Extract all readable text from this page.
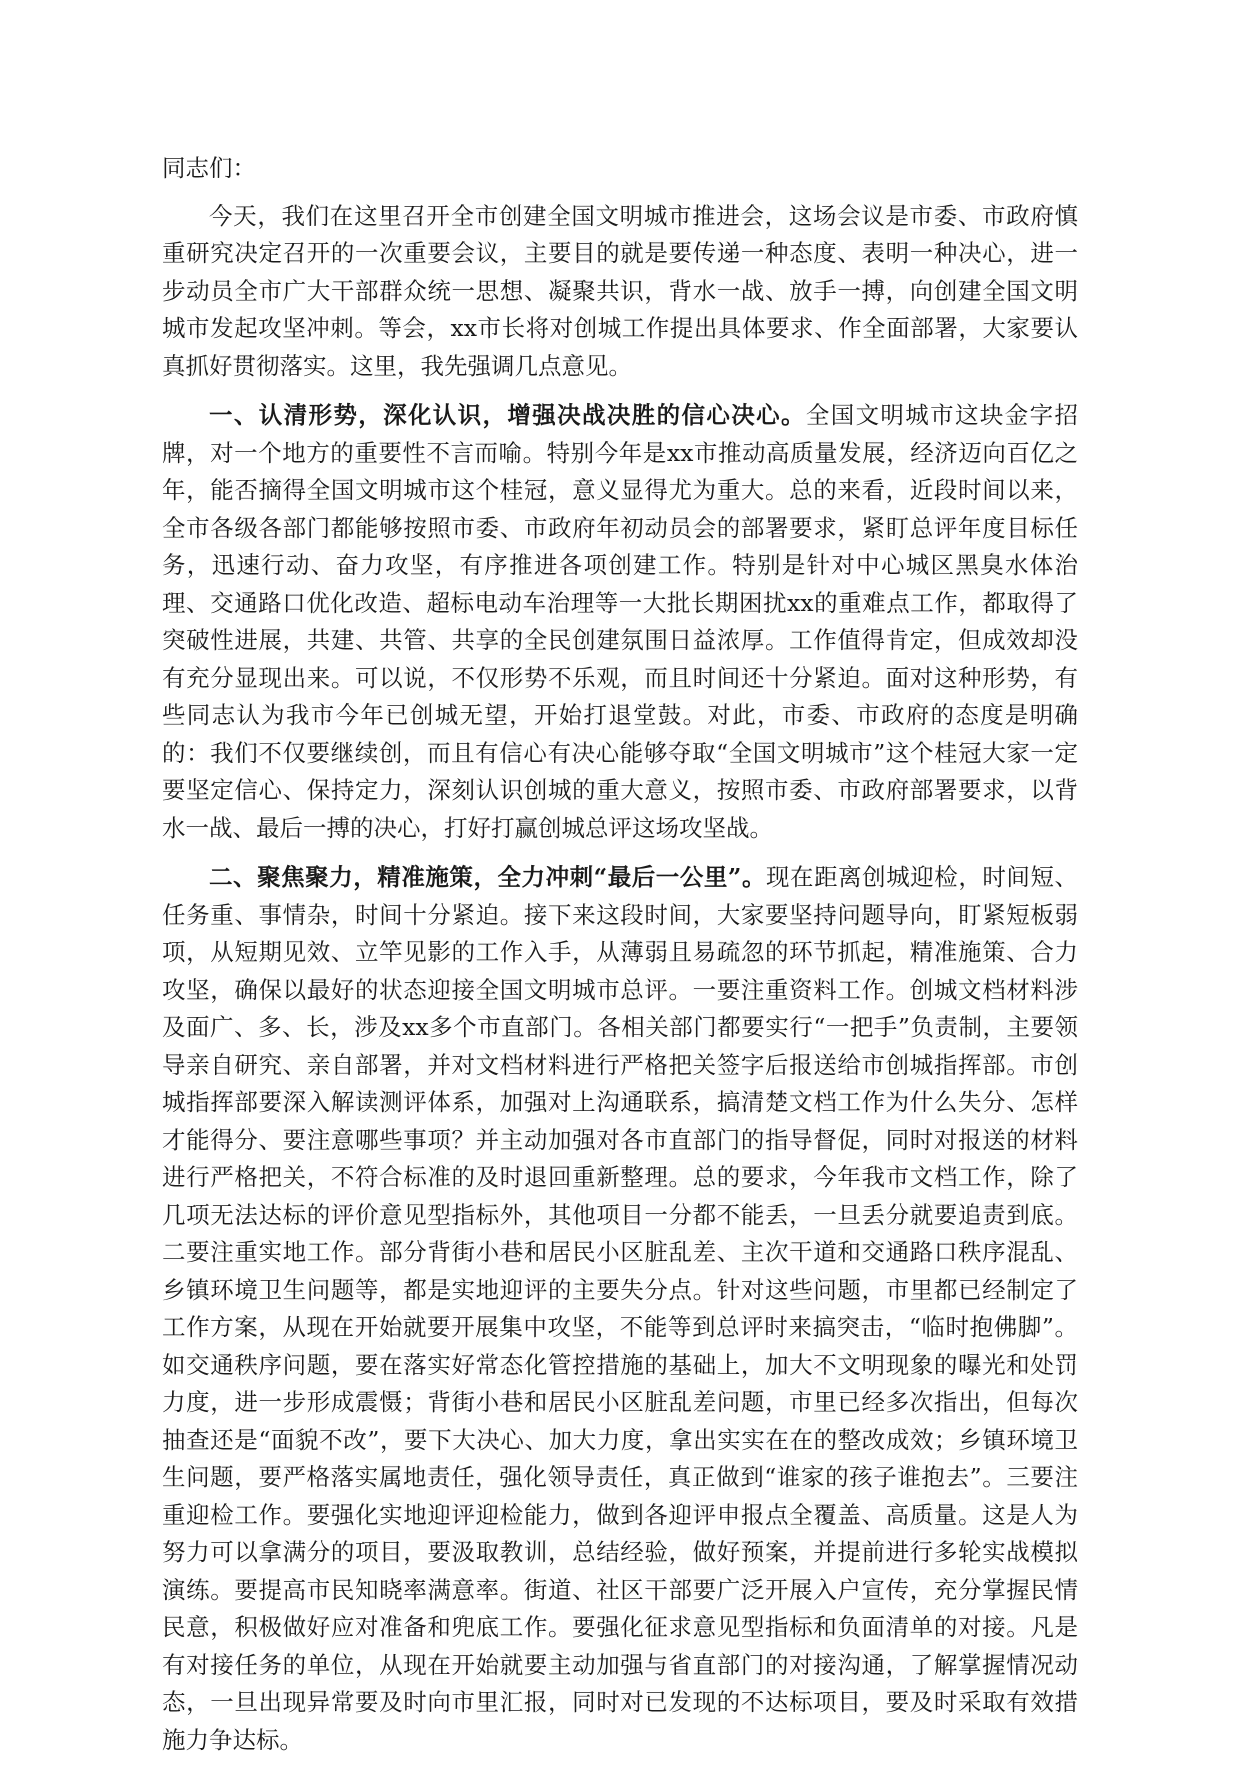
同志们：

今天，我们在这里召开全市创建全国文明城市推进会，这场会议是市委、市政府慎重研究决定召开的一次重要会议，主要目的就是要传递一种态度、表明一种决心，进一步动员全市广大干部群众统一思想、凝聚共识，背水一战、放手一搏，向创建全国文明城市发起攻坚冲刺。等会，xx市长将对创城工作提出具体要求、作全面部署，大家要认真抓好贯彻落实。这里，我先强调几点意见。

一、认清形势，深化认识，增强决战决胜的信心决心。全国文明城市这块金字招牌，对一个地方的重要性不言而喻。特别今年是xx市推动高质量发展，经济迈向百亿之年，能否摘得全国文明城市这个桂冠，意义显得尤为重大。总的来看，近段时间以来，全市各级各部门都能够按照市委、市政府年初动员会的部署要求，紧盯总评年度目标任务，迅速行动、奋力攻坚，有序推进各项创建工作。特别是针对中心城区黑臭水体治理、交通路口优化改造、超标电动车治理等一大批长期困扰xx的重难点工作，都取得了突破性进展，共建、共管、共享的全民创建氛围日益浓厚。工作值得肯定，但成效却没有充分显现出来。可以说，不仅形势不乐观，而且时间还十分紧迫。面对这种形势，有些同志认为我市今年已创城无望，开始打退堂鼓。对此，市委、市政府的态度是明确的：我们不仅要继续创，而且有信心有决心能够夺取“全国文明城市”这个桂冠大家一定要坚定信心、保持定力，深刻认识创城的重大意义，按照市委、市政府部署要求，以背水一战、最后一搏的决心，打好打赢创城总评这场攻坚战。

二、聚焦聚力，精准施策，全力冲刺“最后一公里”。现在距离创城迎检，时间短、任务重、事情杂，时间十分紧迫。接下来这段时间，大家要坚持问题导向，盯紧短板弱项，从短期见效、立竿见影的工作入手，从薄弱且易疏忽的环节抓起，精准施策、合力攻坚，确保以最好的状态迎接全国文明城市总评。一要注重资料工作。创城文档材料涉及面广、多、长，涉及xx多个市直部门。各相关部门都要实行“一把手”负责制，主要领导亲自研究、亲自部署，并对文档材料进行严格把关签字后报送给市创城指挥部。市创城指挥部要深入解读测评体系，加强对上沟通联系，搞清楚文档工作为什么失分、怎样才能得分、要注意哪些事项？并主动加强对各市直部门的指导督促，同时对报送的材料进行严格把关，不符合标准的及时退回重新整理。总的要求，今年我市文档工作，除了几项无法达标的评价意见型指标外，其他项目一分都不能丢，一旦丢分就要追责到底。二要注重实地工作。部分背街小巷和居民小区脏乱差、主次干道和交通路口秩序混乱、乡镇环境卫生问题等，都是实地迎评的主要失分点。针对这些问题，市里都已经制定了工作方案，从现在开始就要开展集中攻坚，不能等到总评时来搞突击，“临时抱佛脚”。如交通秩序问题，要在落实好常态化管控措施的基础上，加大不文明现象的曝光和处罚力度，进一步形成震慑；背街小巷和居民小区脏乱差问题，市里已经多次指出，但每次抽查还是“面貌不改”，要下大决心、加大力度，拿出实实在在的整改成效；乡镇环境卫生问题，要严格落实属地责任，强化领导责任，真正做到“谁家的孩子谁抱去”。三要注重迎检工作。要强化实地迎评迎检能力，做到各迎评申报点全覆盖、高质量。这是人为努力可以拿满分的项目，要汲取教训，总结经验，做好预案，并提前进行多轮实战模拟演练。要提高市民知晓率满意率。街道、社区干部要广泛开展入户宣传，充分掌握民情民意，积极做好应对准备和兜底工作。要强化征求意见型指标和负面清单的对接。凡是有对接任务的单位，从现在开始就要主动加强与省直部门的对接沟通，了解掌握情况动态，一旦出现异常要及时向市里汇报，同时对已发现的不达标项目，要及时采取有效措施力争达标。
